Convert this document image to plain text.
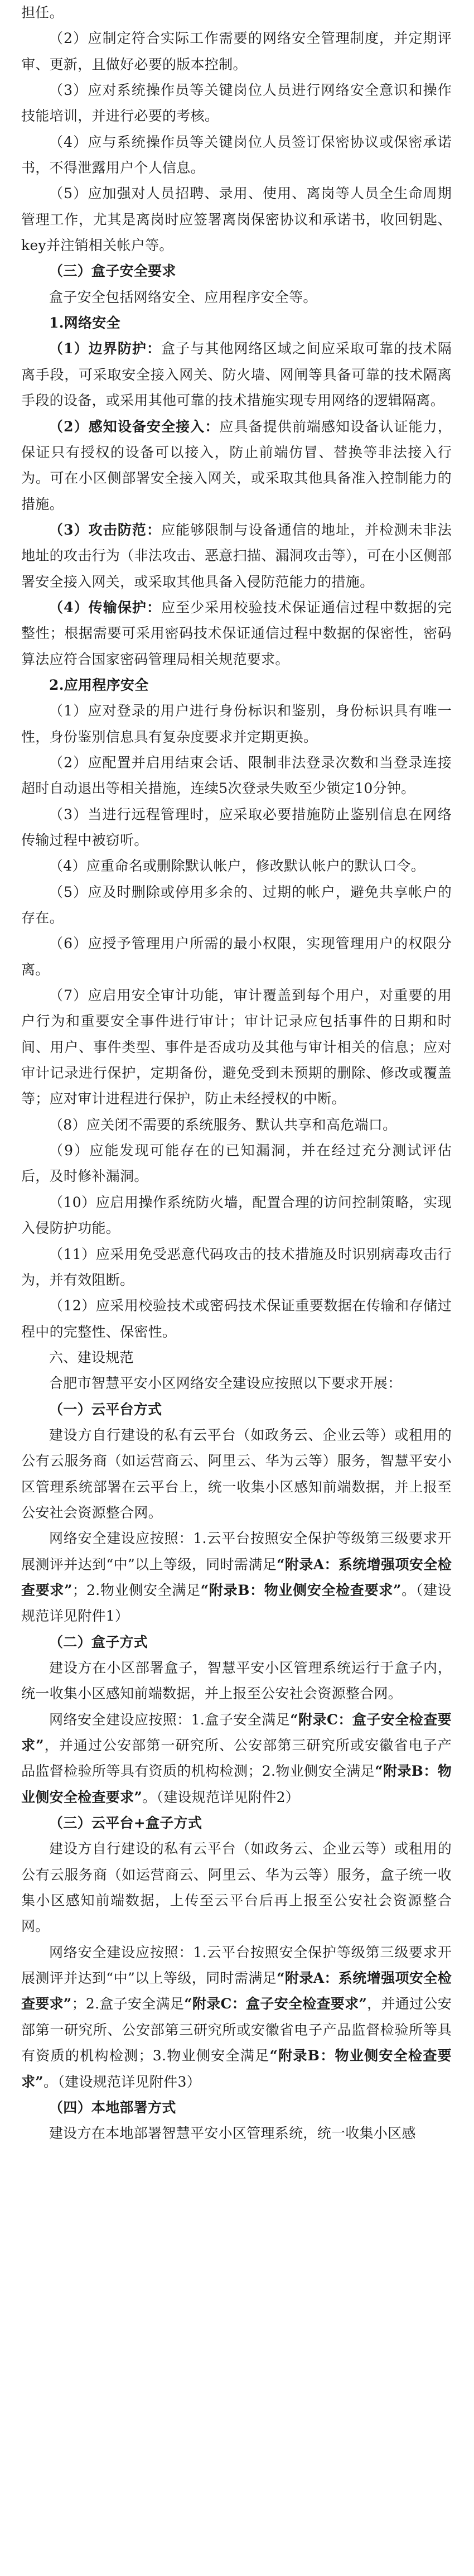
担任。

（2）应制定符合实际工作需要的网络安全管理制度，并定期评审、更新，且做好必要的版本控制。

（3）应对系统操作员等关键岗位人员进行网络安全意识和操作技能培训，并进行必要的考核。

（4）应与系统操作员等关键岗位人员签订保密协议或保密承诺书，不得泄露用户个人信息。

（5）应加强对人员招聘、录用、使用、离岗等人员全生命周期管理工作，尤其是离岗时应签署离岗保密协议和承诺书，收回钥匙、key并注销相关帐户等。

（三）盒子安全要求

盒子安全包括网络安全、应用程序安全等。

1.网络安全

（1）边界防护：盒子与其他网络区域之间应采取可靠的技术隔离手段，可采取安全接入网关、防火墙、网闸等具备可靠的技术隔离手段的设备，或采用其他可靠的技术措施实现专用网络的逻辑隔离。

（2）感知设备安全接入：应具备提供前端感知设备认证能力，保证只有授权的设备可以接入，防止前端仿冒、替换等非法接入行为。可在小区侧部署安全接入网关，或采取其他具备准入控制能力的措施。

（3）攻击防范：应能够限制与设备通信的地址，并检测未非法地址的攻击行为（非法攻击、恶意扫描、漏洞攻击等），可在小区侧部署安全接入网关，或采取其他具备入侵防范能力的措施。

（4）传输保护：应至少采用校验技术保证通信过程中数据的完整性；根据需要可采用密码技术保证通信过程中数据的保密性，密码算法应符合国家密码管理局相关规范要求。

2.应用程序安全

（1）应对登录的用户进行身份标识和鉴别，身份标识具有唯一性，身份鉴别信息具有复杂度要求并定期更换。

（2）应配置并启用结束会话、限制非法登录次数和当登录连接超时自动退出等相关措施，连续5次登录失败至少锁定10分钟。

（3）当进行远程管理时，应采取必要措施防止鉴别信息在网络传输过程中被窃听。

（4）应重命名或删除默认帐户，修改默认帐户的默认口令。

（5）应及时删除或停用多余的、过期的帐户，避免共享帐户的存在。

（6）应授予管理用户所需的最小权限，实现管理用户的权限分离。

（7）应启用安全审计功能，审计覆盖到每个用户，对重要的用户行为和重要安全事件进行审计；审计记录应包括事件的日期和时间、用户、事件类型、事件是否成功及其他与审计相关的信息；应对审计记录进行保护，定期备份，避免受到未预期的删除、修改或覆盖等；应对审计进程进行保护，防止未经授权的中断。

（8）应关闭不需要的系统服务、默认共享和高危端口。

（9）应能发现可能存在的已知漏洞，并在经过充分测试评估后，及时修补漏洞。

（10）应启用操作系统防火墙，配置合理的访问控制策略，实现入侵防护功能。

（11）应采用免受恶意代码攻击的技术措施及时识别病毒攻击行为，并有效阻断。

（12）应采用校验技术或密码技术保证重要数据在传输和存储过程中的完整性、保密性。

六、建设规范

合肥市智慧平安小区网络安全建设应按照以下要求开展：

（一）云平台方式

建设方自行建设的私有云平台（如政务云、企业云等）或租用的公有云服务商（如运营商云、阿里云、华为云等）服务，智慧平安小区管理系统部署在云平台上，统一收集小区感知前端数据，并上报至公安社会资源整合网。

网络安全建设应按照：1.云平台按照安全保护等级第三级要求开展测评并达到“中”以上等级，同时需满足“附录A：系统增强项安全检查要求”；2.物业侧安全满足“附录B：物业侧安全检查要求”。（建设规范详见附件1）

（二）盒子方式

建设方在小区部署盒子，智慧平安小区管理系统运行于盒子内，统一收集小区感知前端数据，并上报至公安社会资源整合网。

网络安全建设应按照：1.盒子安全满足“附录C：盒子安全检查要求”，并通过公安部第一研究所、公安部第三研究所或安徽省电子产品监督检验所等具有资质的机构检测；2.物业侧安全满足“附录B：物业侧安全检查要求”。（建设规范详见附件2）

（三）云平台+盒子方式

建设方自行建设的私有云平台（如政务云、企业云等）或租用的公有云服务商（如运营商云、阿里云、华为云等）服务，盒子统一收集小区感知前端数据，上传至云平台后再上报至公安社会资源整合网。

网络安全建设应按照：1.云平台按照安全保护等级第三级要求开展测评并达到“中”以上等级，同时需满足“附录A：系统增强项安全检查要求”；2.盒子安全满足“附录C：盒子安全检查要求”，并通过公安部第一研究所、公安部第三研究所或安徽省电子产品监督检验所等具有资质的机构检测；3.物业侧安全满足“附录B：物业侧安全检查要求”。（建设规范详见附件3）

（四）本地部署方式

建设方在本地部署智慧平安小区管理系统，统一收集小区感
